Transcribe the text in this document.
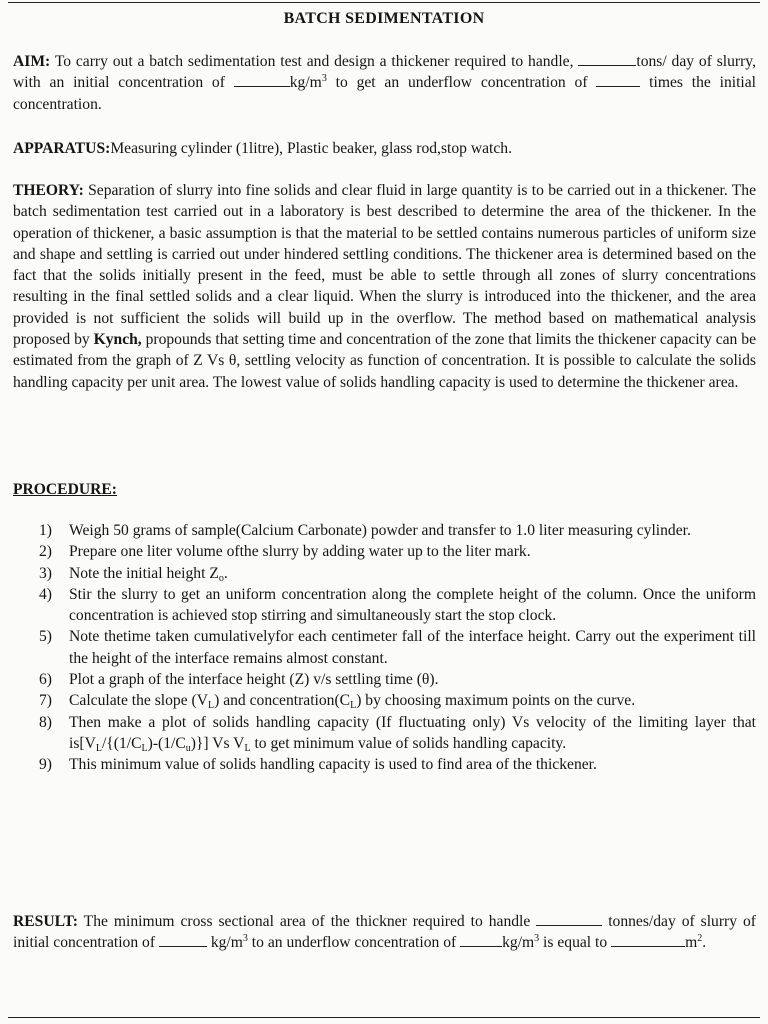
BATCH SEDIMENTATION
AIM: To carry out a batch sedimentation test and design a thickener required to handle,	tons/ day of slurry, with an initial concentration of	$kg/m^3$ to get an underflow concentration of	times the initial concentration.
APPARATUS:Measuring cylinder (1litre), Plastic beaker, glass rod,stop watch.
THEORY: Separation of slurry into fine solids and clear fluid in large quantity is to be carried out in a thickener. The batch sedimentation test carried out in a laboratory is best described to determine the area of the thickener. In the operation of thickener, a basic assumption is that the material to be settled contains numerous particles of uniform size and shape and settling is carried out under hindered settling conditions. The thickener area is determined based on the fact that the solids initially present in the feed, must be able to settle through all zones of slurry concentrations resulting in the final settled solids and a clear liquid. When the slurry is introduced into the thickener, and the area provided is not sufficient the solids will build up in the overflow. The method based on mathematical analysis proposed by Kynch, propounds that setting time and concentration of the zone that limits the thickener capacity can be estimated from the graph of Z Vs θ, settling velocity as function of concentration. It is possible to calculate the solids handling capacity per unit area. The lowest value of solids handling capacity is used to determine the thickener area.
PROCEDURE:
1) Weigh 50 grams of sample(Calcium Carbonate) powder and transfer to 1.0 liter measuring cylinder.
2) Prepare one liter volume ofthe slurry by adding water up to the liter mark.
3) Note the initial height $Z_o$.
4) Stir the slurry to get an uniform concentration along the complete height of the column. Once the uniform concentration is achieved stop stirring and simultaneously start the stop clock.
5) Note thetime taken cumulativelyfor each centimeter fall of the interface height. Carry out the experiment till the height of the interface remains almost constant.
6) Plot a graph of the interface height (Z) v/s settling time (θ).
7) Calculate the slope $(V_L)$ and $concentration(C_L)$ by choosing maximum points on the curve.
8) Then make a plot of solids handling capacity (If fluctuating only) Vs velocity of the limiting layer that $is[V_L/\{(1/C_L)-(1/C_u)\}]$ Vs $V_L$ to get minimum value of solids handling capacity.
9) This minimum value of solids handling capacity is used to find area of the thickener.
RESULT: The minimum cross sectional area of the thickner required to handle	tonnes/day of slurry of initial concentration of	$kg/m^3$ to an underflow concentration of	$kg/m^3$ is equal to	$m^2$.
